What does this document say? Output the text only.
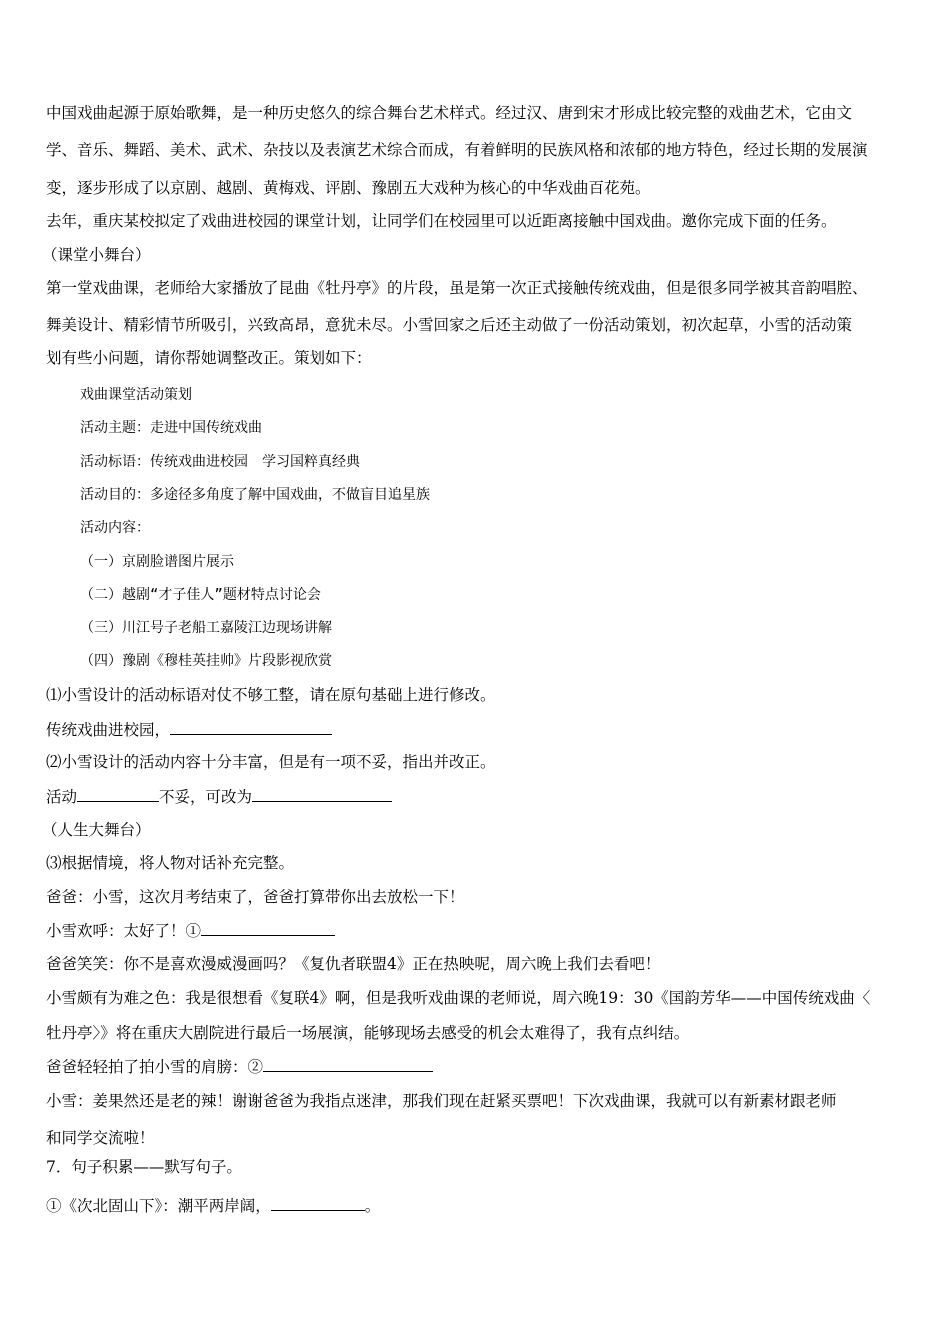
中国戏曲起源于原始歌舞，是一种历史悠久的综合舞台艺术样式。经过汉、唐到宋才形成比较完整的戏曲艺术，它由文
学、音乐、舞蹈、美术、武术、杂技以及表演艺术综合而成，有着鲜明的民族风格和浓郁的地方特色，经过长期的发展演
变，逐步形成了以京剧、越剧、黄梅戏、评剧、豫剧五大戏种为核心的中华戏曲百花苑。
去年，重庆某校拟定了戏曲进校园的课堂计划，让同学们在校园里可以近距离接触中国戏曲。邀你完成下面的任务。
（课堂小舞台）
第一堂戏曲课，老师给大家播放了昆曲《牡丹亭》的片段，虽是第一次正式接触传统戏曲，但是很多同学被其音韵唱腔、
舞美设计、精彩情节所吸引，兴致高昂，意犹未尽。小雪回家之后还主动做了一份活动策划，初次起草，小雪的活动策
划有些小问题，请你帮她调整改正。策划如下：
戏曲课堂活动策划
活动主题：走进中国传统戏曲
活动标语：传统戏曲进校园　学习国粹真经典
活动目的：多途径多角度了解中国戏曲，不做盲目追星族
活动内容：
（一）京剧脸谱图片展示
（二）越剧“才子佳人”题材特点讨论会
（三）川江号子老船工嘉陵江边现场讲解
（四）豫剧《穆桂英挂帅》片段影视欣赏
⑴小雪设计的活动标语对仗不够工整，请在原句基础上进行修改。
传统戏曲进校园，
⑵小雪设计的活动内容十分丰富，但是有一项不妥，指出并改正。
活动	不妥，可改为
（人生大舞台）
⑶根据情境，将人物对话补充完整。
爸爸：小雪，这次月考结束了，爸爸打算带你出去放松一下！
小雪欢呼：太好了！①
爸爸笑笑：你不是喜欢漫威漫画吗？《复仇者联盟4》正在热映呢，周六晚上我们去看吧！
小雪颇有为难之色：我是很想看《复联4》啊，但是我听戏曲课的老师说，周六晚19：30《国韵芳华——中国传统戏曲〈
牡丹亭〉》将在重庆大剧院进行最后一场展演，能够现场去感受的机会太难得了，我有点纠结。
爸爸轻轻拍了拍小雪的肩膀：②
小雪：姜果然还是老的辣！谢谢爸爸为我指点迷津，那我们现在赶紧买票吧！下次戏曲课，我就可以有新素材跟老师
和同学交流啦！
7．句子积累——默写句子。
①《次北固山下》：潮平两岸阔，	。
